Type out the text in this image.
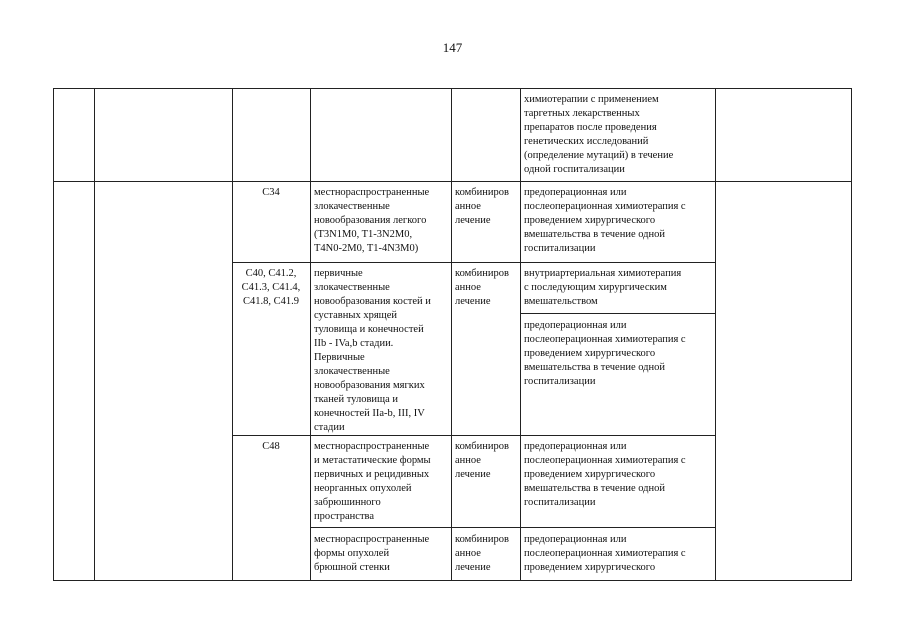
147
химиотерапии с применением
таргетных лекарственных
препаратов после проведения
генетических исследований
(определение мутаций) в течение
одной госпитализации
C34	местнораспространенные
злокачественные
новообразования легкого
(T3N1M0, T1-3N2M0,
T4N0-2M0, T1-4N3M0)
комбиниров
анное
лечение
предоперационная или
послеоперационная химиотерапия с
проведением хирургического
вмешательства в течение одной
госпитализации
C40, C41.2,
C41.3, C41.4,
C41.8, C41.9
первичные
злокачественные
новообразования костей и
суставных хрящей
туловища и конечностей
IIb - IVa,b стадии.
Первичные
злокачественные
новообразования мягких
тканей туловища и
конечностей IIa-b, III, IV
стадии
комбиниров
анное
лечение
внутриартериальная химиотерапия
с последующим хирургическим
вмешательством
предоперационная или
послеоперационная химиотерапия с
проведением хирургического
вмешательства в течение одной
госпитализации
C48	местнораспространенные
и метастатические формы
первичных и рецидивных
неорганных опухолей
забрюшинного
пространства
комбиниров
анное
лечение
предоперационная или
послеоперационная химиотерапия с
проведением хирургического
вмешательства в течение одной
госпитализации
местнораспространенные
формы опухолей
брюшной стенки
комбиниров
анное
лечение
предоперационная или
послеоперационная химиотерапия с
проведением хирургического
